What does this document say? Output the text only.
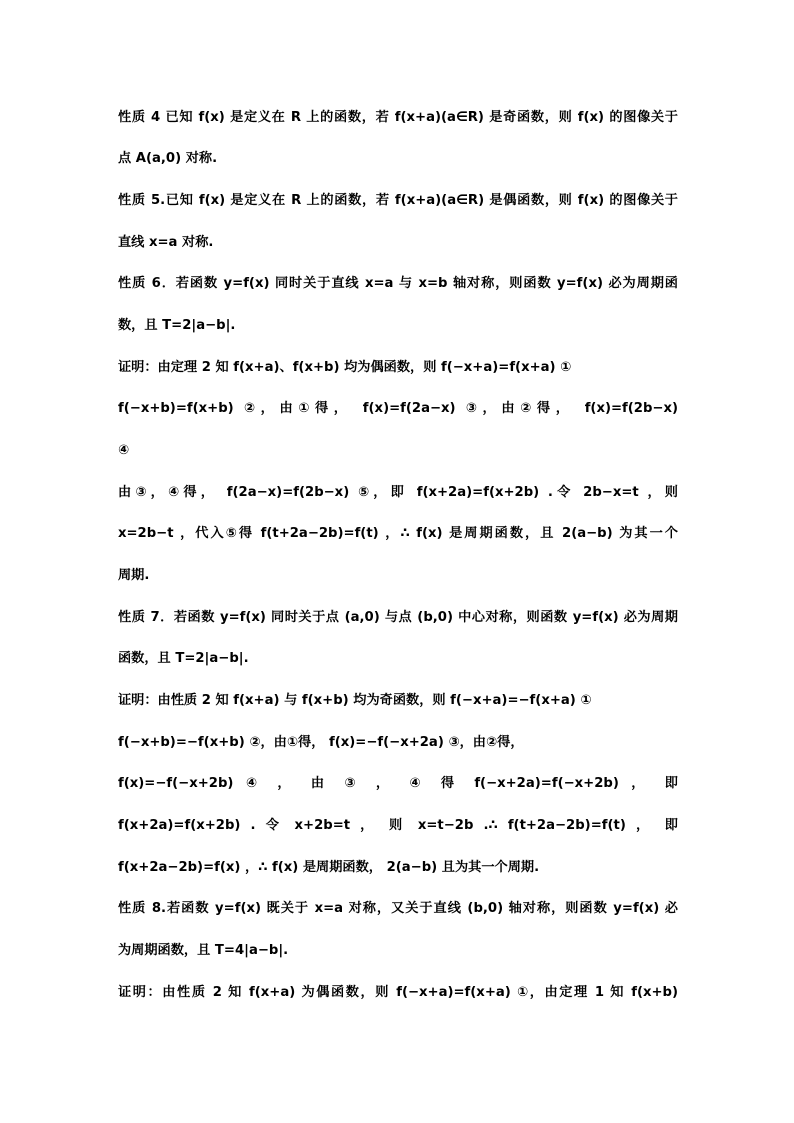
性质 4 已知 f(x) 是定义在 R 上的函数，若 f(x+a)(a∈R) 是奇函数，则 f(x) 的图像关于
点 A(a,0) 对称.
性质 5.已知 f(x) 是定义在 R 上的函数，若 f(x+a)(a∈R) 是偶函数，则 f(x) 的图像关于
直线 x=a 对称.
性质 6．若函数 y=f(x) 同时关于直线 x=a 与 x=b 轴对称，则函数 y=f(x) 必为周期函
数，且 T=2|a−b|.
证明：由定理 2 知 f(x+a)、f(x+b) 均为偶函数，则 f(−x+a)=f(x+a) ①
f(−x+b)=f(x+b) ②，由①得， f(x)=f(2a−x) ③，由②得， f(x)=f(2b−x)
④
由③，④得， f(2a−x)=f(2b−x) ⑤，即 f(x+2a)=f(x+2b) .令 2b−x=t ，则
x=2b−t ，代入⑤得 f(t+2a−2b)=f(t) ，∴ f(x) 是周期函数，且 2(a−b) 为其一个
周期.
性质 7．若函数 y=f(x) 同时关于点 (a,0) 与点 (b,0) 中心对称，则函数 y=f(x) 必为周期
函数，且 T=2|a−b|.
证明：由性质 2 知 f(x+a) 与 f(x+b) 均为奇函数，则 f(−x+a)=−f(x+a) ①
f(−x+b)=−f(x+b) ②，由①得， f(x)=−f(−x+2a) ③，由②得，
f(x)=−f(−x+2b) ④ ， 由 ③ ， ④ 得 f(−x+2a)=f(−x+2b) ， 即
f(x+2a)=f(x+2b) . 令 x+2b=t ， 则 x=t−2b .∴ f(t+2a−2b)=f(t) ， 即
f(x+2a−2b)=f(x) ，∴ f(x) 是周期函数， 2(a−b) 且为其一个周期.
性质 8.若函数 y=f(x) 既关于 x=a 对称，又关于直线 (b,0) 轴对称，则函数 y=f(x) 必
为周期函数，且 T=4|a−b|.
证明：由性质 2 知 f(x+a) 为偶函数，则 f(−x+a)=f(x+a) ①，由定理 1 知 f(x+b)
